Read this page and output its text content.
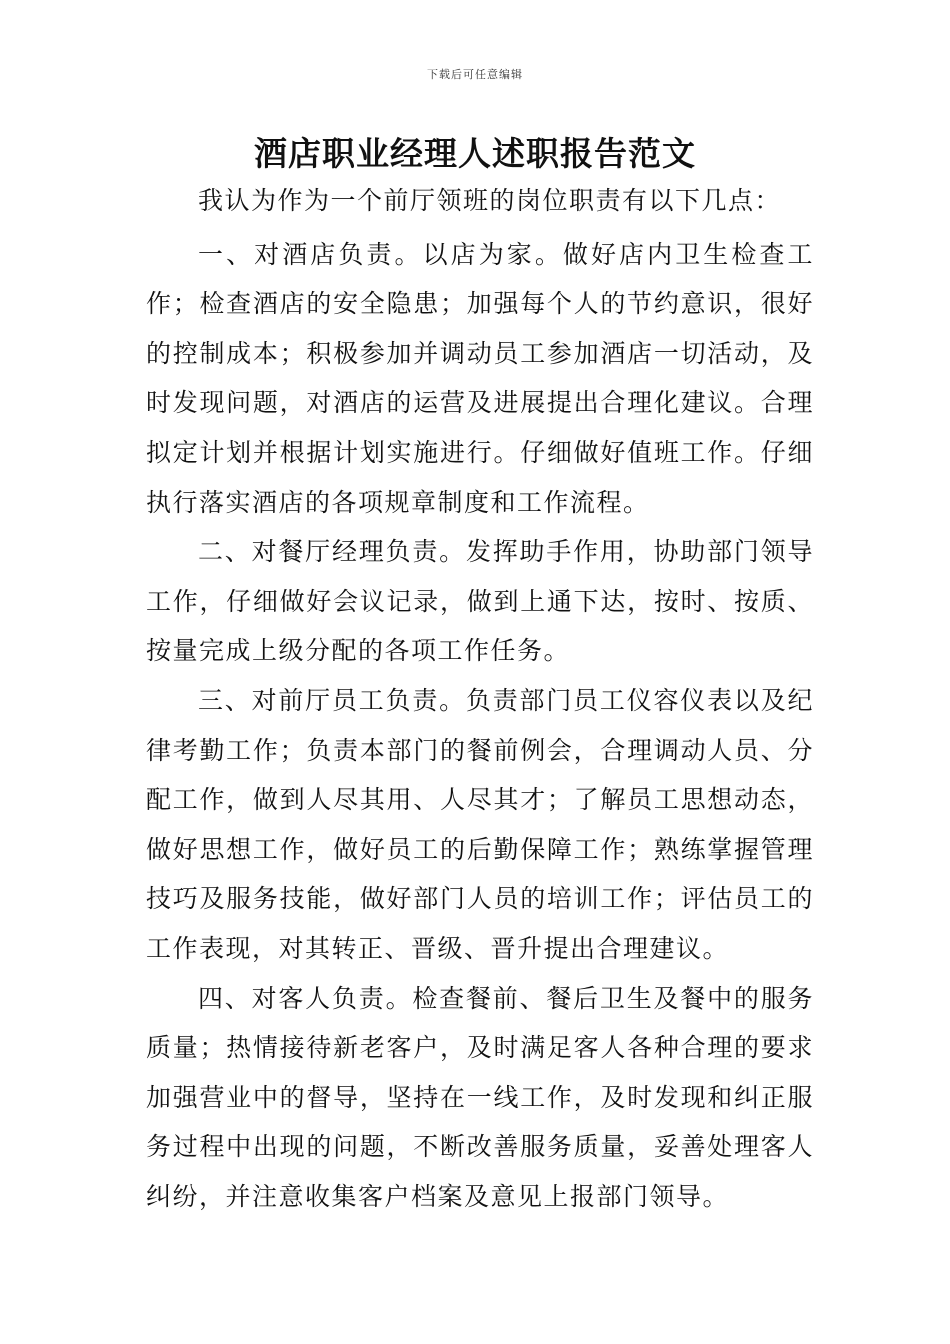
下载后可任意编辑
酒店职业经理人述职报告范文

我认为作为一个前厅领班的岗位职责有以下几点：

一、对酒店负责。以店为家。做好店内卫生检查工作；检查酒店的安全隐患；加强每个人的节约意识，很好的控制成本；积极参加并调动员工参加酒店一切活动，及时发现问题，对酒店的运营及进展提出合理化建议。合理拟定计划并根据计划实施进行。仔细做好值班工作。仔细执行落实酒店的各项规章制度和工作流程。

二、对餐厅经理负责。发挥助手作用，协助部门领导工作，仔细做好会议记录，做到上通下达，按时、按质、按量完成上级分配的各项工作任务。

三、对前厅员工负责。负责部门员工仪容仪表以及纪律考勤工作；负责本部门的餐前例会，合理调动人员、分配工作，做到人尽其用、人尽其才；了解员工思想动态，做好思想工作，做好员工的后勤保障工作；熟练掌握管理技巧及服务技能，做好部门人员的培训工作；评估员工的工作表现，对其转正、晋级、晋升提出合理建议。

四、对客人负责。检查餐前、餐后卫生及餐中的服务质量；热情接待新老客户，及时满足客人各种合理的要求加强营业中的督导，坚持在一线工作，及时发现和纠正服务过程中出现的问题，不断改善服务质量，妥善处理客人纠纷，并注意收集客户档案及意见上报部门领导。
